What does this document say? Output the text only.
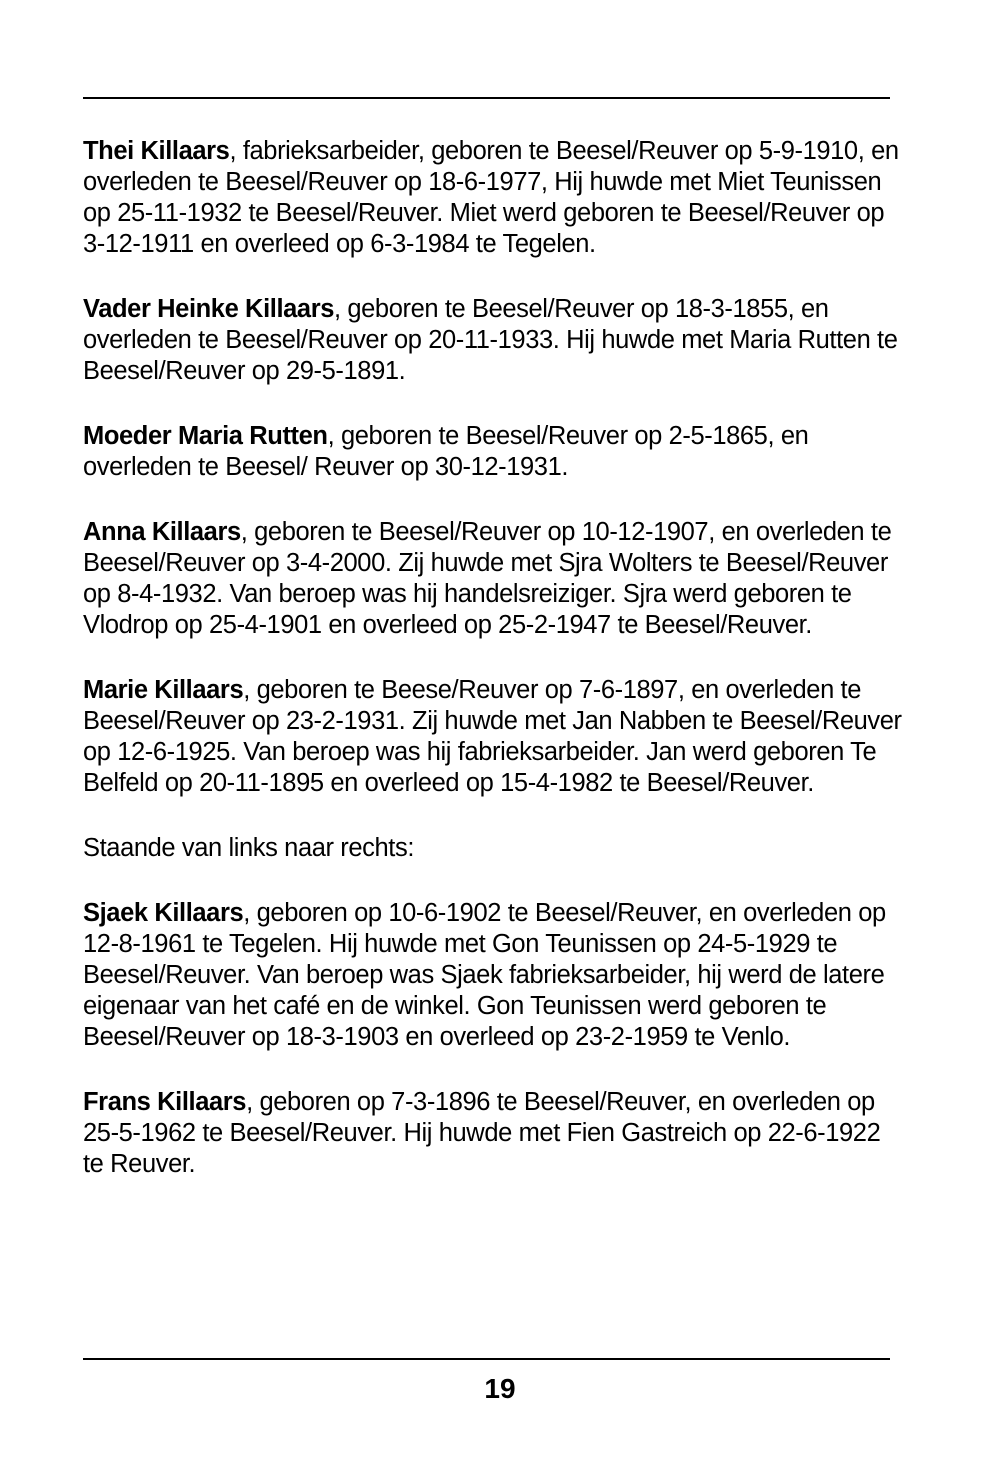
Thei Killaars, fabrieksarbeider, geboren te Beesel/Reuver op 5-9-1910, en overleden te Beesel/Reuver op 18-6-1977, Hij huwde met Miet Teunissen op 25-11-1932 te Beesel/Reuver. Miet werd geboren te Beesel/Reuver op 3-12-1911 en overleed op 6-3-1984 te Tegelen.

Vader Heinke Killaars, geboren te Beesel/Reuver op 18-3-1855, en overleden te Beesel/Reuver op 20-11-1933. Hij huwde met Maria Rutten te Beesel/Reuver op 29-5-1891.

Moeder Maria Rutten, geboren te Beesel/Reuver op 2-5-1865, en overleden te Beesel/ Reuver op 30-12-1931.

Anna Killaars, geboren te Beesel/Reuver op 10-12-1907, en overleden te Beesel/Reuver op 3-4-2000. Zij huwde met Sjra Wolters te Beesel/Reuver op 8-4-1932. Van beroep was hij handelsreiziger. Sjra werd geboren te Vlodrop op 25-4-1901 en overleed op 25-2-1947 te Beesel/Reuver.

Marie Killaars, geboren te Beese/Reuver op 7-6-1897, en overleden te Beesel/Reuver op 23-2-1931. Zij huwde met Jan Nabben te Beesel/Reuver op 12-6-1925. Van beroep was hij fabrieksarbeider. Jan werd geboren Te Belfeld op 20-11-1895 en overleed op 15-4-1982 te Beesel/Reuver.

Staande van links naar rechts:

Sjaek Killaars, geboren op 10-6-1902 te Beesel/Reuver, en overleden op 12-8-1961 te Tegelen. Hij huwde met Gon Teunissen op 24-5-1929 te Beesel/Reuver. Van beroep was Sjaek fabrieksarbeider, hij werd de latere eigenaar van het café en de winkel. Gon Teunissen werd geboren te Beesel/Reuver op 18-3-1903 en overleed op 23-2-1959 te Venlo.

Frans Killaars, geboren op 7-3-1896 te Beesel/Reuver, en overleden op 25-5-1962 te Beesel/Reuver. Hij huwde met Fien Gastreich op 22-6-1922 te Reuver.

19
